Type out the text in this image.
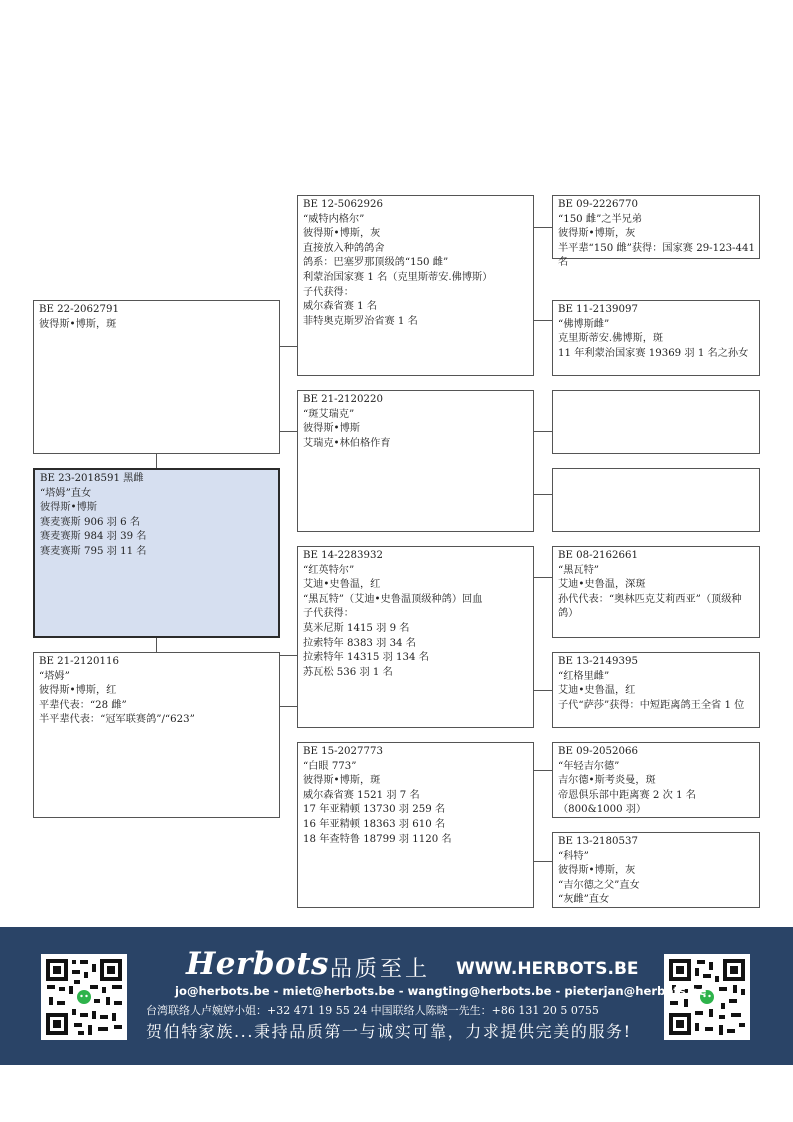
BE 22-2062791
彼得斯•博斯，斑
BE 23-2018591 黑雌
“塔姆”直女
彼得斯•博斯
赛麦赛斯 906 羽 6 名
赛麦赛斯 984 羽 39 名
赛麦赛斯 795 羽 11 名
BE 21-2120116
“塔姆”
彼得斯•博斯，红
平辈代表：“28 雌”
半平辈代表：“冠军联赛鸽”/“623”
BE 12-5062926
“威特内格尔”
彼得斯•博斯，灰
直接放入种鸽鸽舍
鸽系：巴塞罗那顶级鸽“150 雌”
利蒙治国家赛 1 名（克里斯蒂安.佛博斯）
子代获得：
威尔森省赛 1 名
菲特奥克斯罗治省赛 1 名
BE 21-2120220
“斑艾瑞克”
彼得斯•博斯
艾瑞克•林伯格作育
BE 14-2283932
“红英特尔”
艾迪•史鲁温，红
“黑瓦特”（艾迪•史鲁温顶级种鸽）回血
子代获得：
莫米尼斯 1415 羽 9 名
拉索特年 8383 羽 34 名
拉索特年 14315 羽 134 名
苏瓦松 536 羽 1 名
BE 15-2027773
“白眼 773”
彼得斯•博斯，斑
威尔森省赛 1521 羽 7 名
17 年亚精顿 13730 羽 259 名
16 年亚精顿 18363 羽 610 名
18 年查特鲁 18799 羽 1120 名
BE 09-2226770
“150 雌”之半兄弟
彼得斯•博斯，灰
半平辈“150 雌”获得：国家赛 29-123-441 名
BE 11-2139097
“佛博斯雌”
克里斯蒂安.佛博斯，斑
11 年利蒙治国家赛 19369 羽 1 名之孙女
BE 08-2162661
“黑瓦特”
艾迪•史鲁温，深斑
孙代代表：“奥林匹克艾莉西亚”（顶级种鸽）
BE 13-2149395
“红格里雌”
艾迪•史鲁温，红
子代“萨莎”获得：中短距离鸽王全省 1 位
BE 09-2052066
“年轻吉尔德”
吉尔德•斯考炎曼，斑
帝恩俱乐部中距离赛 2 次 1 名
（800&1000 羽）
BE 13-2180537
“科特”
彼得斯•博斯，灰
“吉尔德之父”直女
“灰雌”直女
Herbots 品质至上 WWW.HERBOTS.BE
jo@herbots.be - miet@herbots.be - wangting@herbots.be - pieterjan@herbots.be
台湾联络人卢婉婷小姐：+32 471 19 55 24 中国联络人陈晓一先生：+86 131 20 5 0755
贺伯特家族...秉持品质第一与诚实可靠，力求提供完美的服务!
